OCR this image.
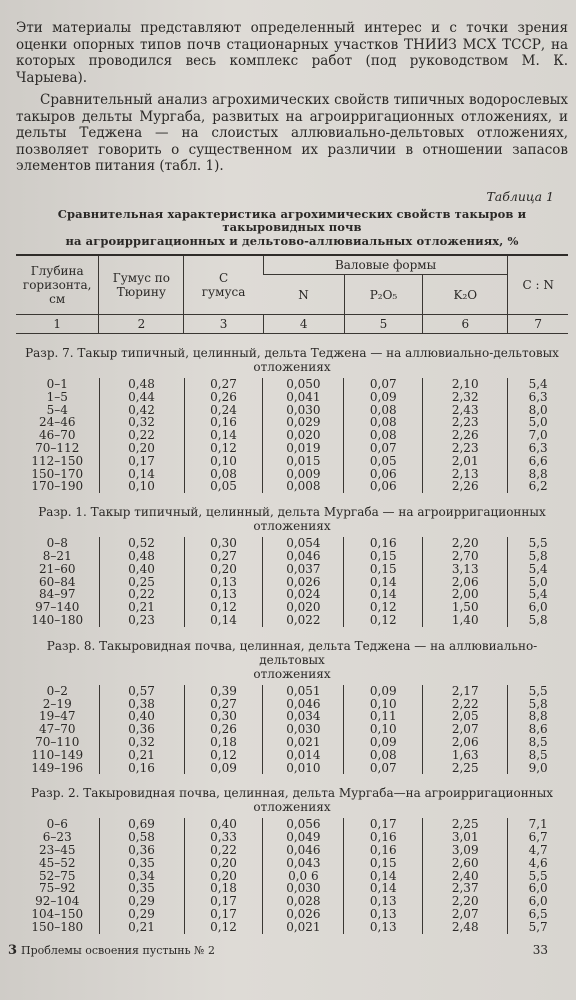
Эти материалы представляют определенный интерес и с точки зрения оценки опорных типов почв стационарных участков ТНИИЗ МСХ ТССР, на которых проводился весь комплекс работ (под руководством М. К. Чарыева).

Сравнительный анализ агрохимических свойств типичных водорослевых такыров дельты Мургаба, развитых на агроирригационных отложениях, и дельты Теджена — на слоистых аллювиально-дельтовых отложениях, позволяет говорить о существенном их различии в отношении запасов элементов питания (табл. 1).

Таблица 1
Сравнительная характеристика агрохимических свойств такыров и такыровидных почв
на агроирригационных и дельтово-аллювиальных отложениях, %
Глубина горизонта, см	Гумус по Тюрину	С гумуса	Валовые формы			C : N
			N	P₂O₅	K₂O	
1	2	3	4	5	6	7
Разр. 7. Такыр типичный, целинный, дельта Теджена — на аллювиально-дельтовых
отложениях
0–1	0,48	0,27	0,050	0,07	2,10	5,4
1–5	0,44	0,26	0,041	0,09	2,32	6,3
5–4	0,42	0,24	0,030	0,08	2,43	8,0
24–46	0,32	0,16	0,029	0,08	2,23	5,0
46–70	0,22	0,14	0,020	0,08	2,26	7,0
70–112	0,20	0,12	0,019	0,07	2,23	6,3
112–150	0,17	0,10	0,015	0,05	2,01	6,6
150–170	0,14	0,08	0,009	0,06	2,13	8,8
170–190	0,10	0,05	0,008	0,06	2,26	6,2
Разр. 1. Такыр типичный, целинный, дельта Мургаба — на агроирригационных
отложениях
0–8	0,52	0,30	0,054	0,16	2,20	5,5
8–21	0,48	0,27	0,046	0,15	2,70	5,8
21–60	0,40	0,20	0,037	0,15	3,13	5,4
60–84	0,25	0,13	0,026	0,14	2,06	5,0
84–97	0,22	0,13	0,024	0,14	2,00	5,4
97–140	0,21	0,12	0,020	0,12	1,50	6,0
140–180	0,23	0,14	0,022	0,12	1,40	5,8
Разр. 8. Такыровидная почва, целинная, дельта Теджена — на аллювиально-дельтовых
отложениях
0–2	0,57	0,39	0,051	0,09	2,17	5,5
2–19	0,38	0,27	0,046	0,10	2,22	5,8
19–47	0,40	0,30	0,034	0,11	2,05	8,8
47–70	0,36	0,26	0,030	0,10	2,07	8,6
70–110	0,32	0,18	0,021	0,09	2,06	8,5
110–149	0,21	0,12	0,014	0,08	1,63	8,5
149–196	0,16	0,09	0,010	0,07	2,25	9,0
Разр. 2. Такыровидная почва, целинная, дельта Мургаба—на агроирригационных
отложениях
0–6	0,69	0,40	0,056	0,17	2,25	7,1
6–23	0,58	0,33	0,049	0,16	3,01	6,7
23–45	0,36	0,22	0,046	0,16	3,09	4,7
45–52	0,35	0,20	0,043	0,15	2,60	4,6
52–75	0,34	0,20	0,0 6	0,14	2,40	5,5
75–92	0,35	0,18	0,030	0,14	2,37	6,0
92–104	0,29	0,17	0,028	0,13	2,20	6,0
104–150	0,29	0,17	0,026	0,13	2,07	6,5
150–180	0,21	0,12	0,021	0,13	2,48	5,7
3 Проблемы освоения пустынь № 2	33
